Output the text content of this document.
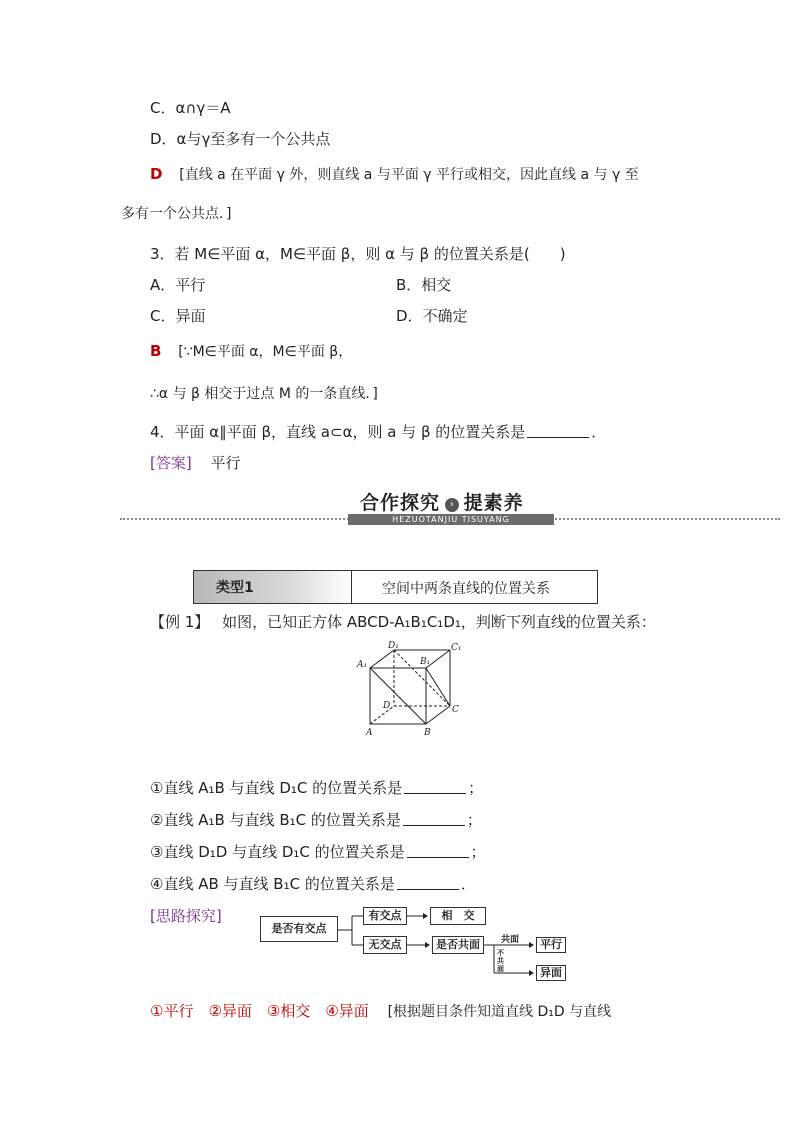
C．α∩γ＝A
D．α与γ至多有一个公共点
D [直线 a 在平面 γ 外，则直线 a 与平面 γ 平行或相交，因此直线 a 与 γ 至
多有一个公共点．]
3．若 M∈平面 α，M∈平面 β，则 α 与 β 的位置关系是(　　)
A．平行	B．相交
C．异面	D．不确定
B [∵M∈平面 α，M∈平面 β，
∴α 与 β 相交于过点 M 的一条直线．]
4．平面 α∥平面 β，直线 a⊂α，则 a 与 β 的位置关系是	．
[答案] 平行
合作探究 › 提素养
HEZUOTANJIU TISUYANG
类型1	空间中两条直线的位置关系
【例 1】 如图，已知正方体 ABCD-A₁B₁C₁D₁，判断下列直线的位置关系：
A₁
D₁
B₁
C₁
D	C
A	B
①直线 A₁B 与直线 D₁C 的位置关系是	；
②直线 A₁B 与直线 B₁C 的位置关系是	；
③直线 D₁D 与直线 D₁C 的位置关系是	；
④直线 AB 与直线 B₁C 的位置关系是	．
[思路探究]
是否有交点
有交点	相　交
无交点	是否共面	共面
不共面
平行
异面
①平行　②异面　③相交　④异面 [根据题目条件知道直线 D₁D 与直线
